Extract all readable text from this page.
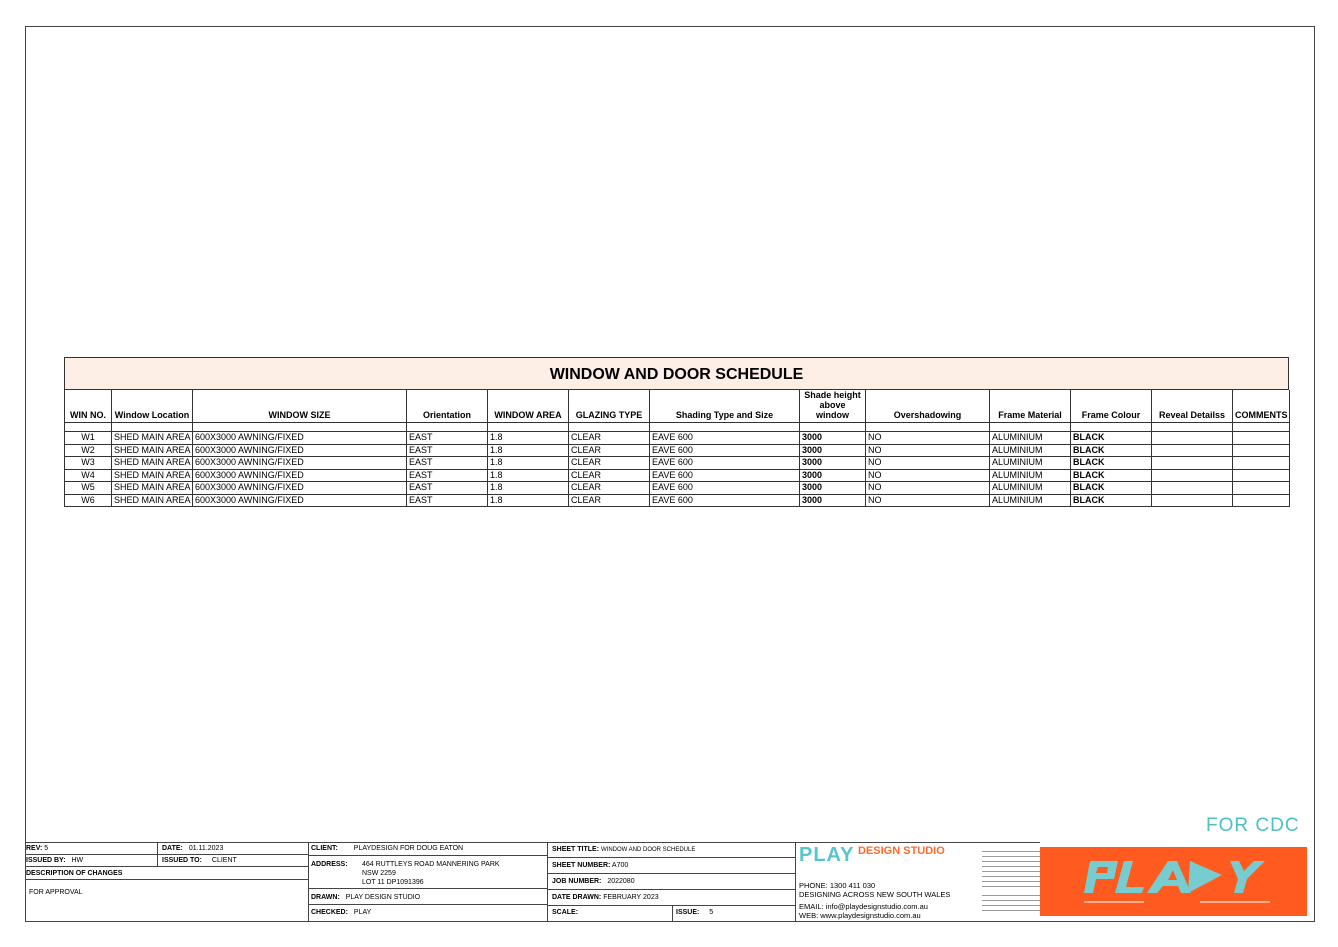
WINDOW AND DOOR SCHEDULE
WIN NO.	Window Location	WINDOW SIZE	Orientation	WINDOW AREA	GLAZING TYPE	Shading Type and Size	Shade height above window	Overshadowing	Frame Material	Frame Colour	Reveal Detailss	COMMENTS

W1	SHED MAIN AREA	600X3000 AWNING/FIXED	EAST	1.8	CLEAR	EAVE 600	3000	NO	ALUMINIUM	BLACK		
W2	SHED MAIN AREA	600X3000 AWNING/FIXED	EAST	1.8	CLEAR	EAVE 600	3000	NO	ALUMINIUM	BLACK		
W3	SHED MAIN AREA	600X3000 AWNING/FIXED	EAST	1.8	CLEAR	EAVE 600	3000	NO	ALUMINIUM	BLACK		
W4	SHED MAIN AREA	600X3000 AWNING/FIXED	EAST	1.8	CLEAR	EAVE 600	3000	NO	ALUMINIUM	BLACK		
W5	SHED MAIN AREA	600X3000 AWNING/FIXED	EAST	1.8	CLEAR	EAVE 600	3000	NO	ALUMINIUM	BLACK		
W6	SHED MAIN AREA	600X3000 AWNING/FIXED	EAST	1.8	CLEAR	EAVE 600	3000	NO	ALUMINIUM	BLACK		
FOR CDC
REV: 5	DATE: 01.11.2023
ISSUED BY: HW	ISSUED TO: CLIENT
DESCRIPTION OF CHANGES
FOR APPROVAL
CLIENT: PLAYDESIGN FOR DOUG EATON
ADDRESS: 464 RUTTLEYS ROAD MANNERING PARK
NSW 2259
LOT 11 DP1091396
DRAWN: PLAY DESIGN STUDIO
CHECKED: PLAY
SHEET TITLE: WINDOW AND DOOR SCHEDULE
SHEET NUMBER: A700
JOB NUMBER: 2022080
DATE DRAWN: FEBRUARY 2023
SCALE:	ISSUE: 5
PLAY DESIGN STUDIO
PHONE: 1300 411 030
DESIGNING ACROSS NEW SOUTH WALES
EMAIL: info@playdesignstudio.com.au
WEB: www.playdesignstudio.com.au
